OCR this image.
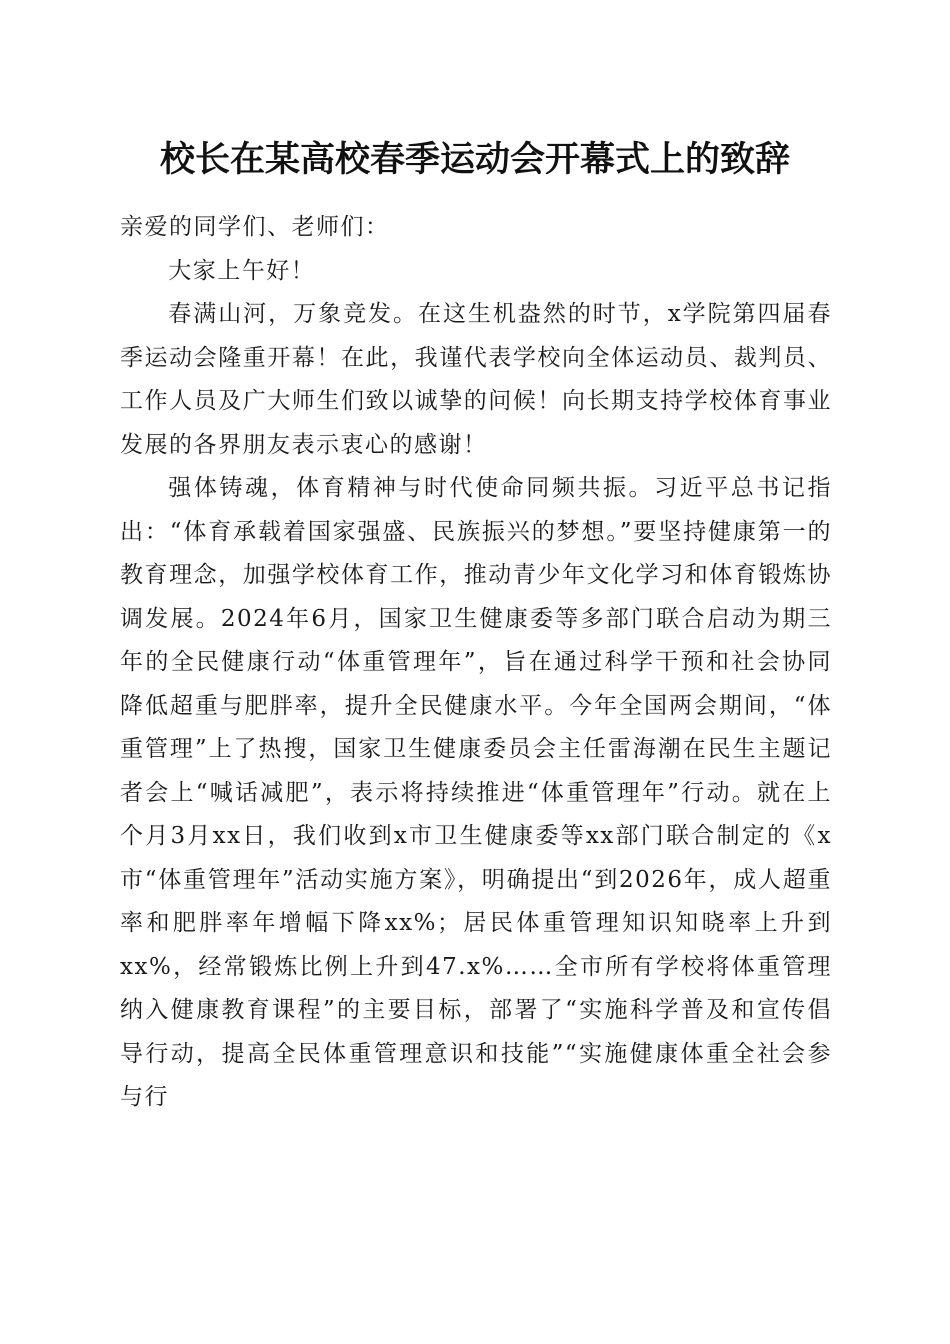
校长在某高校春季运动会开幕式上的致辞

亲爱的同学们、老师们：

大家上午好！

春满山河，万象竞发。在这生机盎然的时节，x学院第四届春季运动会隆重开幕！在此，我谨代表学校向全体运动员、裁判员、工作人员及广大师生们致以诚挚的问候！向长期支持学校体育事业发展的各界朋友表示衷心的感谢！

强体铸魂，体育精神与时代使命同频共振。习近平总书记指出：“体育承载着国家强盛、民族振兴的梦想。”要坚持健康第一的教育理念，加强学校体育工作，推动青少年文化学习和体育锻炼协调发展。2024年6月，国家卫生健康委等多部门联合启动为期三年的全民健康行动“体重管理年”，旨在通过科学干预和社会协同降低超重与肥胖率，提升全民健康水平。今年全国两会期间，“体重管理”上了热搜，国家卫生健康委员会主任雷海潮在民生主题记者会上“喊话减肥”，表示将持续推进“体重管理年”行动。就在上个月3月xx日，我们收到x市卫生健康委等xx部门联合制定的《x市“体重管理年”活动实施方案》，明确提出“到2026年，成人超重率和肥胖率年增幅下降xx%；居民体重管理知识知晓率上升到xx%，经常锻炼比例上升到47.x%……全市所有学校将体重管理纳入健康教育课程”的主要目标，部署了“实施科学普及和宣传倡导行动，提高全民体重管理意识和技能”“实施健康体重全社会参与行
